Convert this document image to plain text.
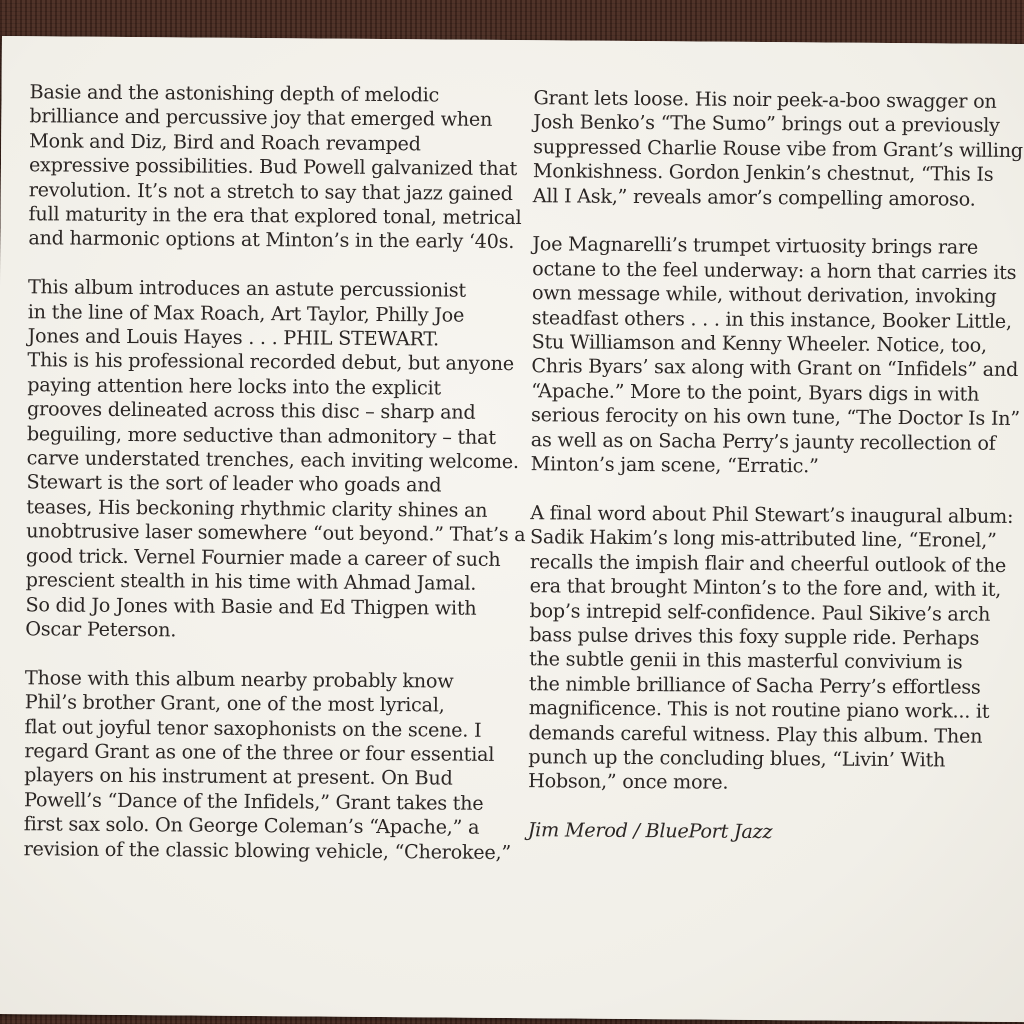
Basie and the astonishing depth of melodic
brilliance and percussive joy that emerged when
Monk and Diz, Bird and Roach revamped
expressive possibilities. Bud Powell galvanized that
revolution. It’s not a stretch to say that jazz gained
full maturity in the era that explored tonal, metrical
and harmonic options at Minton’s in the early ‘40s.

This album introduces an astute percussionist
in the line of Max Roach, Art Taylor, Philly Joe
Jones and Louis Hayes . . . PHIL STEWART.
This is his professional recorded debut, but anyone
paying attention here locks into the explicit
grooves delineated across this disc – sharp and
beguiling, more seductive than admonitory – that
carve understated trenches, each inviting welcome.
Stewart is the sort of leader who goads and
teases, His beckoning rhythmic clarity shines an
unobtrusive laser somewhere “out beyond.” That’s a
good trick. Vernel Fournier made a career of such
prescient stealth in his time with Ahmad Jamal.
So did Jo Jones with Basie and Ed Thigpen with
Oscar Peterson.

Those with this album nearby probably know
Phil’s brother Grant, one of the most lyrical,
flat out joyful tenor saxophonists on the scene. I
regard Grant as one of the three or four essential
players on his instrument at present. On Bud
Powell’s “Dance of the Infidels,” Grant takes the
first sax solo. On George Coleman’s “Apache,” a
revision of the classic blowing vehicle, “Cherokee,”

Grant lets loose. His noir peek-a-boo swagger on
Josh Benko’s “The Sumo” brings out a previously
suppressed Charlie Rouse vibe from Grant’s willing
Monkishness. Gordon Jenkin’s chestnut, “This Is
All I Ask,” reveals amor’s compelling amoroso.

Joe Magnarelli’s trumpet virtuosity brings rare
octane to the feel underway: a horn that carries its
own message while, without derivation, invoking
steadfast others . . . in this instance, Booker Little,
Stu Williamson and Kenny Wheeler. Notice, too,
Chris Byars’ sax along with Grant on “Infidels” and
“Apache.” More to the point, Byars digs in with
serious ferocity on his own tune, “The Doctor Is In”
as well as on Sacha Perry’s jaunty recollection of
Minton’s jam scene, “Erratic.”

A final word about Phil Stewart’s inaugural album:
Sadik Hakim’s long mis-attributed line, “Eronel,”
recalls the impish flair and cheerful outlook of the
era that brought Minton’s to the fore and, with it,
bop’s intrepid self-confidence. Paul Sikive’s arch
bass pulse drives this foxy supple ride. Perhaps
the subtle genii in this masterful convivium is
the nimble brilliance of Sacha Perry’s effortless
magnificence. This is not routine piano work... it
demands careful witness. Play this album. Then
punch up the concluding blues, “Livin’ With
Hobson,” once more.

Jim Merod / BluePort Jazz
